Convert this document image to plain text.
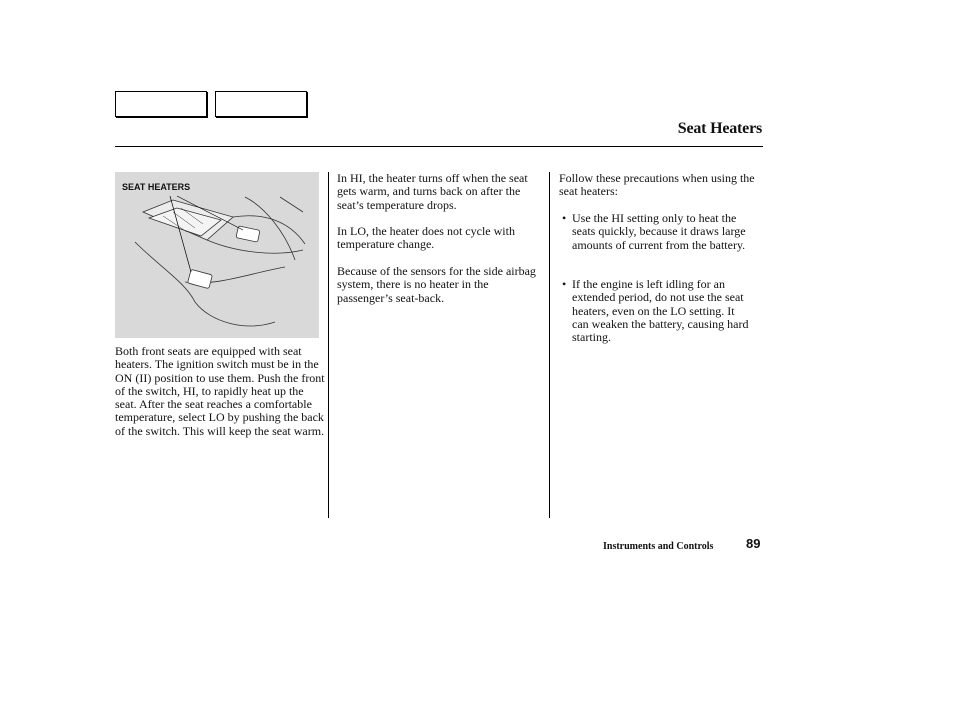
Seat Heaters
SEAT HEATERS

Both front seats are equipped with seat heaters. The ignition switch must be in the ON (II) position to use them. Push the front of the switch, HI, to rapidly heat up the seat. After the seat reaches a comfortable temperature, select LO by pushing the back of the switch. This will keep the seat warm.

In HI, the heater turns off when the seat gets warm, and turns back on after the seat’s temperature drops.

In LO, the heater does not cycle with temperature change.

Because of the sensors for the side airbag system, there is no heater in the passenger’s seat-back.

Follow these precautions when using the seat heaters:

• Use the HI setting only to heat the seats quickly, because it draws large amounts of current from the battery.
• If the engine is left idling for an extended period, do not use the seat heaters, even on the LO setting. It can weaken the battery, causing hard starting.
Instruments and Controls	89
